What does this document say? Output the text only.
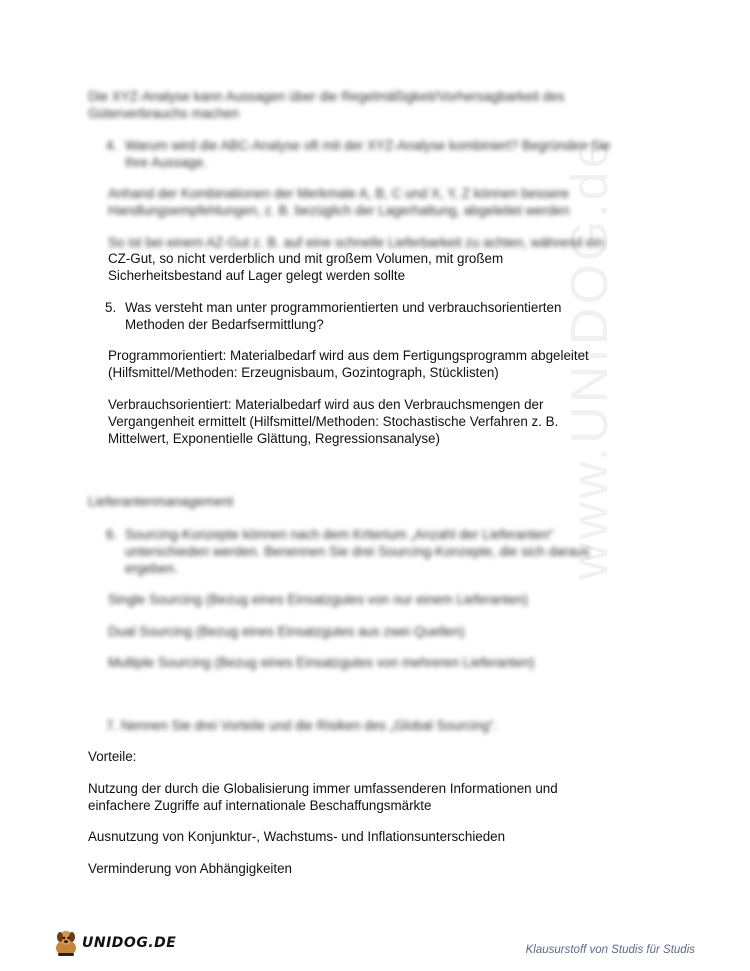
www.UNIDOG.de
Die XYZ-Analyse kann Aussagen über die Regelmäßigkeit/Vorhersagbarkeit des
Güterverbrauchs machen
4. Warum wird die ABC-Analyse oft mit der XYZ-Analyse kombiniert? Begründen Sie
Ihre Aussage.
Anhand der Kombinationen der Merkmale A, B, C und X, Y, Z können bessere
Handlungsempfehlungen, z. B. bezüglich der Lagerhaltung, abgeleitet werden
So ist bei einem AZ-Gut z. B. auf eine schnelle Lieferbarkeit zu achten, während ein
CZ-Gut, so nicht verderblich und mit großem Volumen, mit großem
Sicherheitsbestand auf Lager gelegt werden sollte
5. Was versteht man unter programmorientierten und verbrauchsorientierten
Methoden der Bedarfsermittlung?
Programmorientiert: Materialbedarf wird aus dem Fertigungsprogramm abgeleitet
(Hilfsmittel/Methoden: Erzeugnisbaum, Gozintograph, Stücklisten)
Verbrauchsorientiert: Materialbedarf wird aus den Verbrauchsmengen der
Vergangenheit ermittelt (Hilfsmittel/Methoden: Stochastische Verfahren z. B.
Mittelwert, Exponentielle Glättung, Regressionsanalyse)
Lieferantenmanagement
6. Sourcing-Konzepte können nach dem Kriterium „Anzahl der Lieferanten“
unterschieden werden. Benennen Sie drei Sourcing-Konzepte, die sich daraus
ergeben.
Single Sourcing (Bezug eines Einsatzgutes von nur einem Lieferanten)
Dual Sourcing (Bezug eines Einsatzgutes aus zwei Quellen)
Multiple Sourcing (Bezug eines Einsatzgutes von mehreren Lieferanten)
7. Nennen Sie drei Vorteile und die Risiken des „Global Sourcing“.
Vorteile:
Nutzung der durch die Globalisierung immer umfassenderen Informationen und
einfachere Zugriffe auf internationale Beschaffungsmärkte
Ausnutzung von Konjunktur-, Wachstums- und Inflationsunterschieden
Verminderung von Abhängigkeiten
UNIDOG.DE	Klausurstoff von Studis für Studis
